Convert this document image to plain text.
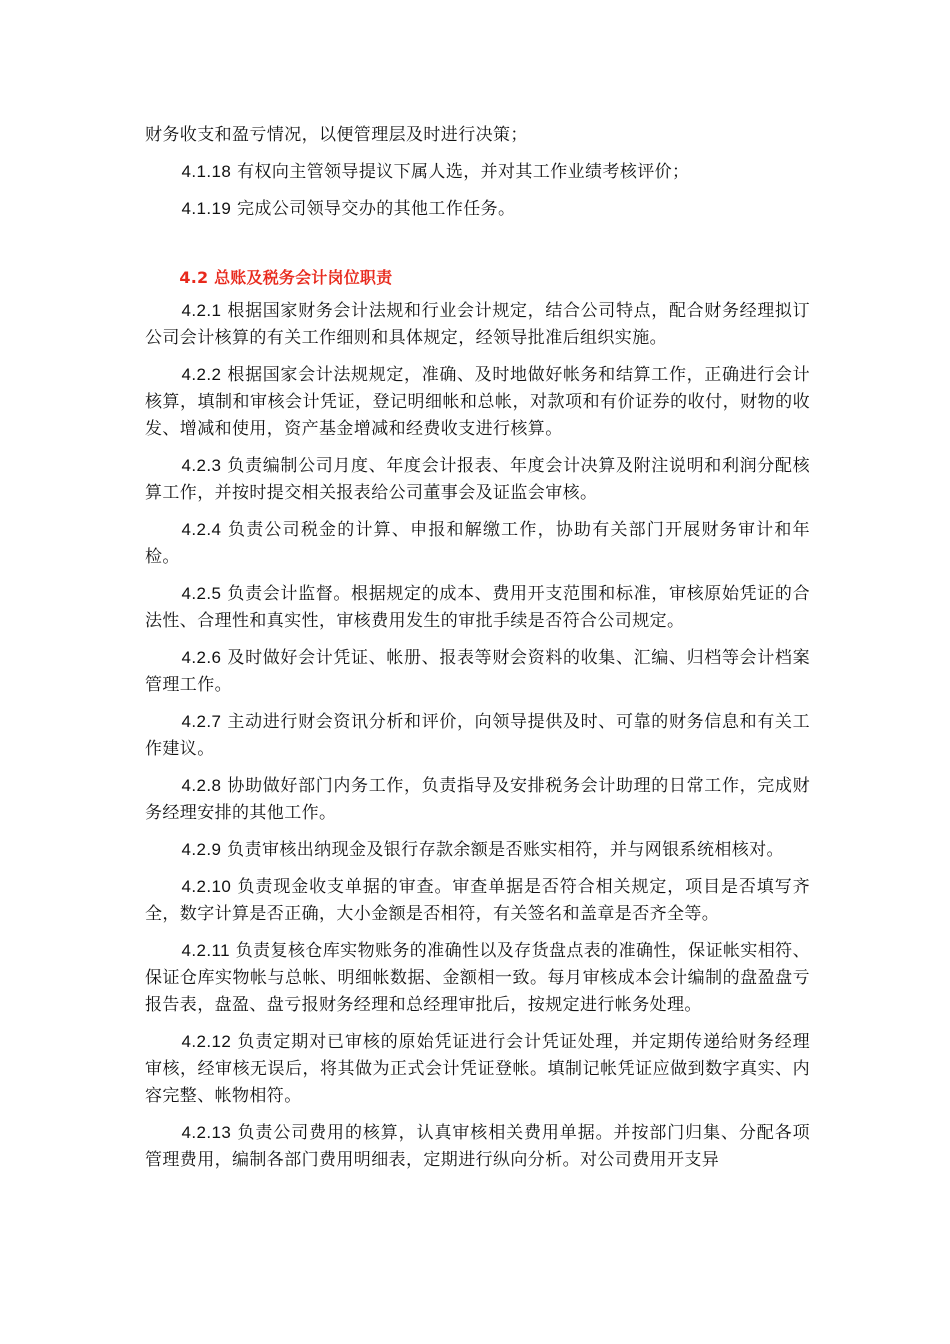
财务收支和盈亏情况，以便管理层及时进行决策；

4.1.18 有权向主管领导提议下属人选，并对其工作业绩考核评价；

4.1.19 完成公司领导交办的其他工作任务。

4.2 总账及税务会计岗位职责

4.2.1 根据国家财务会计法规和行业会计规定，结合公司特点，配合财务经理拟订公司会计核算的有关工作细则和具体规定，经领导批准后组织实施。

4.2.2 根据国家会计法规规定，准确、及时地做好帐务和结算工作，正确进行会计核算，填制和审核会计凭证，登记明细帐和总帐，对款项和有价证券的收付，财物的收发、增减和使用，资产基金增减和经费收支进行核算。

4.2.3 负责编制公司月度、年度会计报表、年度会计决算及附注说明和利润分配核算工作，并按时提交相关报表给公司董事会及证监会审核。

4.2.4 负责公司税金的计算、申报和解缴工作，协助有关部门开展财务审计和年检。

4.2.5 负责会计监督。根据规定的成本、费用开支范围和标准，审核原始凭证的合法性、合理性和真实性，审核费用发生的审批手续是否符合公司规定。

4.2.6 及时做好会计凭证、帐册、报表等财会资料的收集、汇编、归档等会计档案管理工作。

4.2.7 主动进行财会资讯分析和评价，向领导提供及时、可靠的财务信息和有关工作建议。

4.2.8 协助做好部门内务工作，负责指导及安排税务会计助理的日常工作，完成财务经理安排的其他工作。

4.2.9 负责审核出纳现金及银行存款余额是否账实相符，并与网银系统相核对。

4.2.10 负责现金收支单据的审查。审查单据是否符合相关规定，项目是否填写齐全，数字计算是否正确，大小金额是否相符，有关签名和盖章是否齐全等。

4.2.11 负责复核仓库实物账务的准确性以及存货盘点表的准确性，保证帐实相符、保证仓库实物帐与总帐、明细帐数据、金额相一致。每月审核成本会计编制的盘盈盘亏报告表，盘盈、盘亏报财务经理和总经理审批后，按规定进行帐务处理。

4.2.12 负责定期对已审核的原始凭证进行会计凭证处理，并定期传递给财务经理审核，经审核无误后，将其做为正式会计凭证登帐。填制记帐凭证应做到数字真实、内容完整、帐物相符。

4.2.13 负责公司费用的核算，认真审核相关费用单据。并按部门归集、分配各项管理费用，编制各部门费用明细表，定期进行纵向分析。对公司费用开支异
